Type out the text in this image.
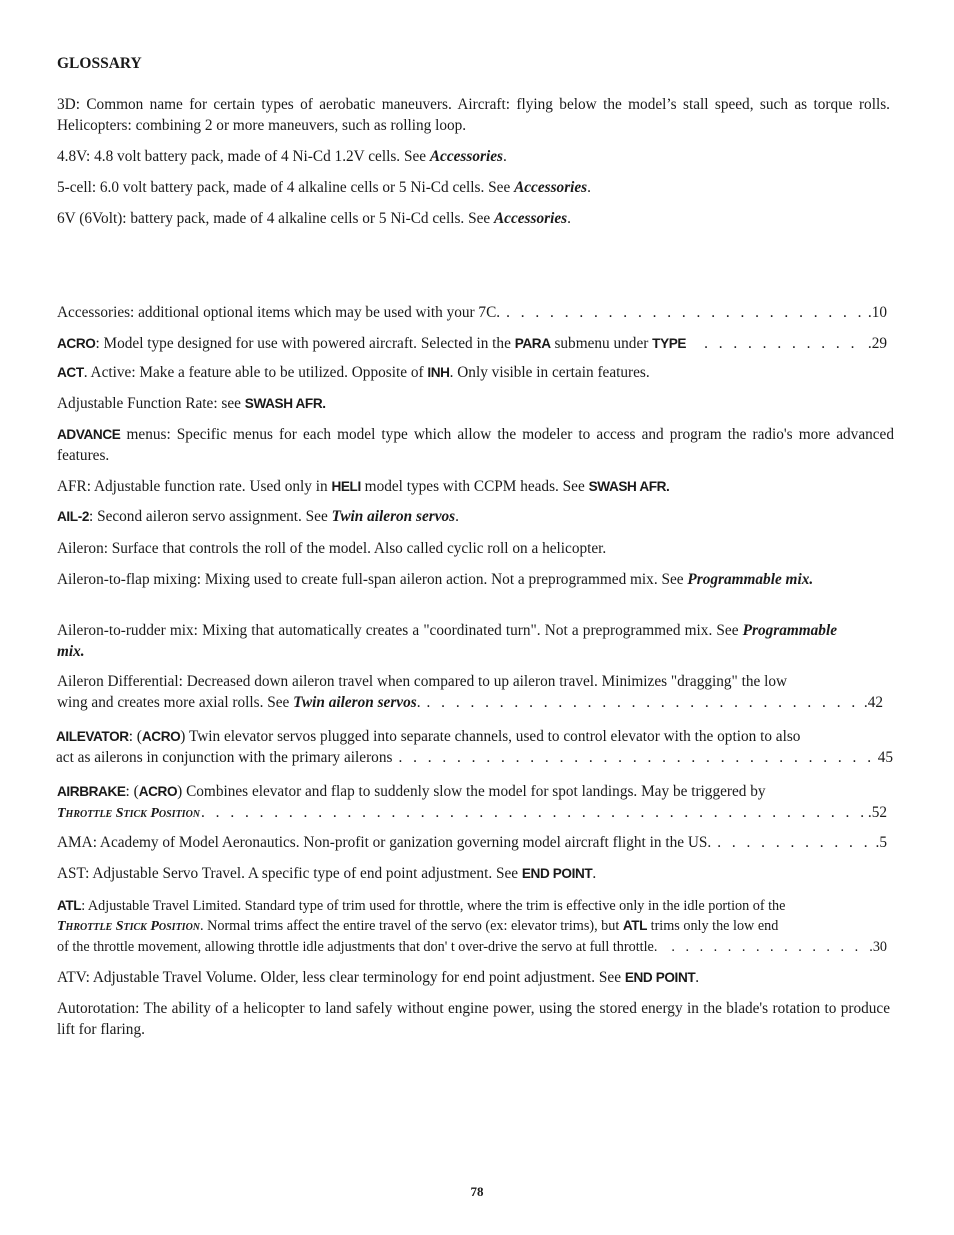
GLOSSARY
3D: Common name for certain types of aerobatic maneuvers. Aircraft: flying below the model’s stall speed, such as torque rolls. Helicopters: combining 2 or more maneuvers, such as rolling loop.
4.8V: 4.8 volt battery pack, made of 4 Ni-Cd 1.2V cells. See Accessories.
5-cell: 6.0 volt battery pack, made of 4 alkaline cells or 5 Ni-Cd cells. See Accessories.
6V (6Volt): battery pack, made of 4 alkaline cells or 5 Ni-Cd cells. See Accessories.
Accessories: additional optional items which may be used with your 7C. . . .	.10
ACRO: Model type designed for use with powered aircraft. Selected in the PARA submenu under TYPE . . .	.29
ACT. Active: Make a feature able to be utilized. Opposite of INH. Only visible in certain features.
Adjustable Function Rate: see SWASH AFR.
ADVANCE menus: Specific menus for each model type which allow the modeler to access and program the radio's more advanced features.
AFR: Adjustable function rate. Used only in HELI model types with CCPM heads. See SWASH AFR.
AIL-2: Second aileron servo assignment. See Twin aileron servos.
Aileron: Surface that controls the roll of the model. Also called cyclic roll on a helicopter.
Aileron-to-flap mixing: Mixing used to create full-span aileron action. Not a preprogrammed mix. See Programmable mix.
Aileron-to-rudder mix: Mixing that automatically creates a "coordinated turn". Not a preprogrammed mix. See Programmable mix.
Aileron Differential: Decreased down aileron travel when compared to up aileron travel. Minimizes "dragging" the low
wing and creates more axial rolls. See Twin aileron servos. . . .	.42
AILEVATOR: (ACRO) Twin elevator servos plugged into separate channels, used to control elevator with the option to also
act as ailerons in conjunction with the primary ailerons . . .	45
AIRBRAKE: (ACRO) Combines elevator and flap to suddenly slow the model for spot landings. May be triggered by
Throttle Stick Position . . .	.52
AMA: Academy of Model Aeronautics. Non-profit or ganization governing model aircraft flight in the US. . . .	.5
AST: Adjustable Servo Travel. A specific type of end point adjustment. See END POINT.
ATL: Adjustable Travel Limited. Standard type of trim used for throttle, where the trim is effective only in the idle portion of the
Throttle Stick Position. Normal trims affect the entire travel of the servo (ex: elevator trims), but ATL trims only the low end
of the throttle movement, allowing throttle idle adjustments that don' t over-drive the servo at full throttle. . . .	.30
ATV: Adjustable Travel Volume. Older, less clear terminology for end point adjustment. See END POINT.
Autorotation: The ability of a helicopter to land safely without engine power, using the stored energy in the blade's rotation to produce lift for flaring.
78
